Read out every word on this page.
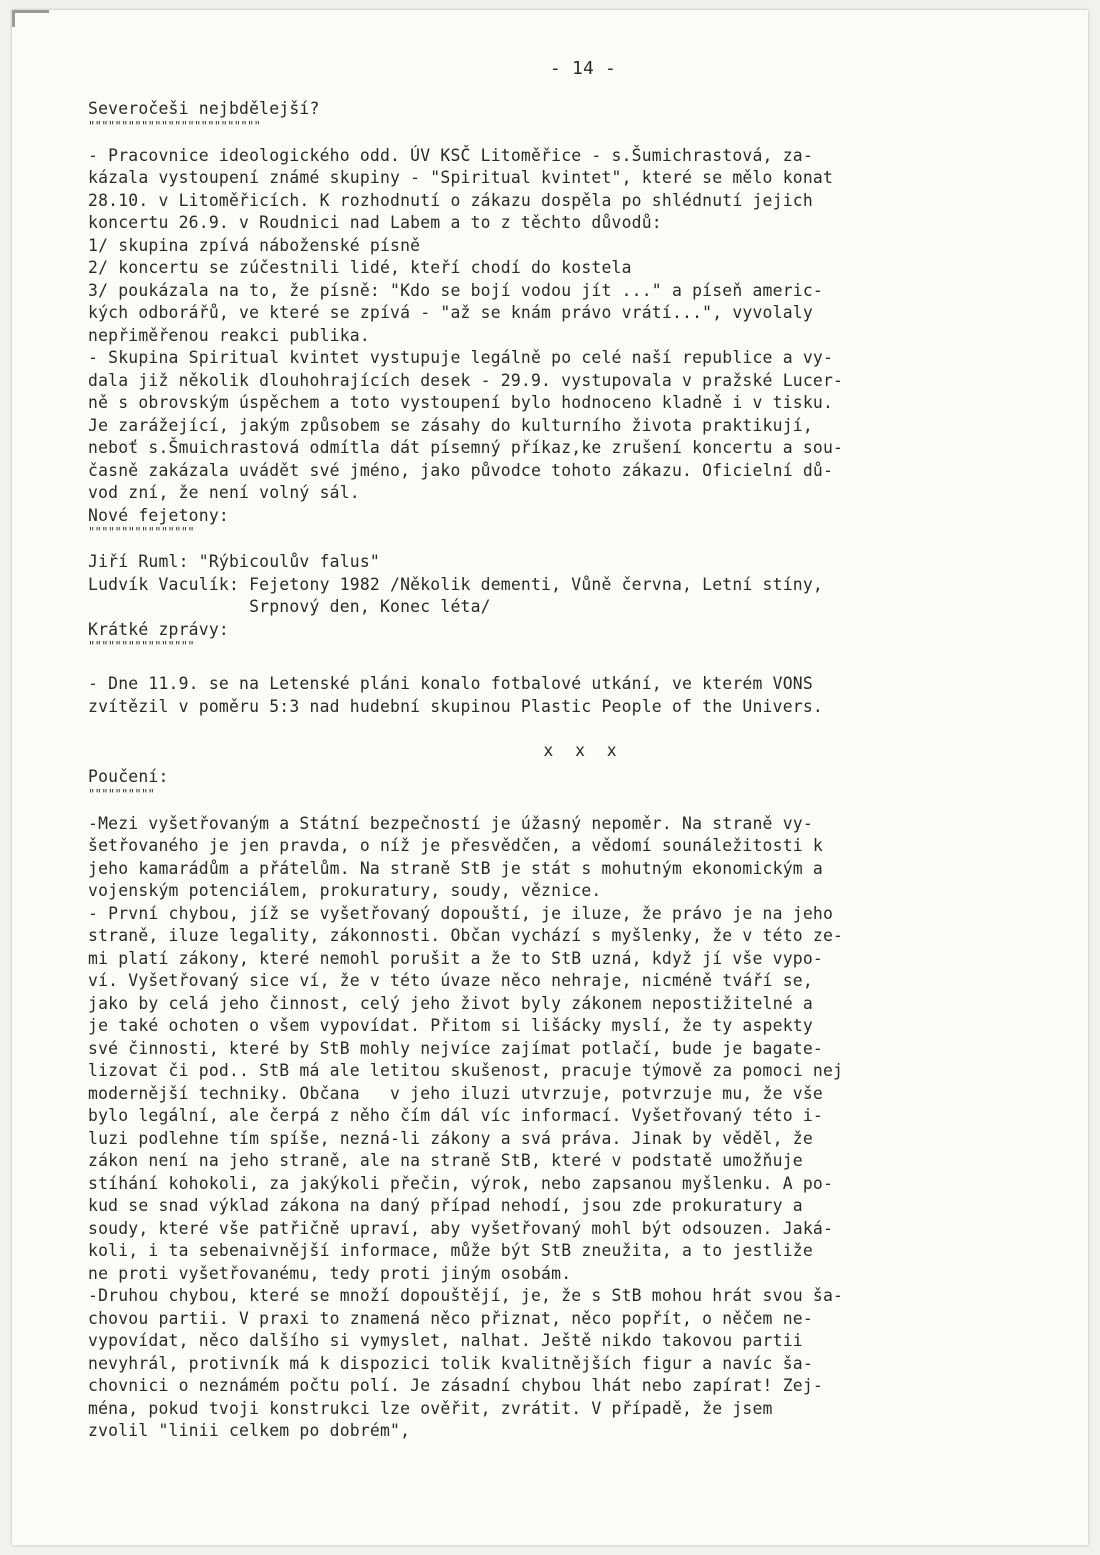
- 14 -
Severočeši nejbdělejší?
""""""""""""""""""""""""""
- Pracovnice ideologického odd. ÚV KSČ Litoměřice - s.Šumichrastová, za-
kázala vystoupení známé skupiny - "Spiritual kvintet", které se mělo konat
28.10. v Litoměřicích. K rozhodnutí o zákazu dospěla po shlédnutí jejich
koncertu 26.9. v Roudnici nad Labem a to z těchto důvodů:
1/ skupina zpívá náboženské písně
2/ koncertu se zúčestnili lidé, kteří chodí do kostela
3/ poukázala na to, že písně: "Kdo se bojí vodou jít ..." a píseň americ-
kých odborářů, ve které se zpívá - "až se knám právo vrátí...", vyvolaly
nepřiměřenou reakci publika.
- Skupina Spiritual kvintet vystupuje legálně po celé naší republice a vy-
dala již několik dlouhohrajících desek - 29.9. vystupovala v pražské Lucer-
ně s obrovským úspěchem a toto vystoupení bylo hodnoceno kladně i v tisku.
Je zarážející, jakým způsobem se zásahy do kulturního života praktikují,
neboť s.Šmuichrastová odmítla dát písemný příkaz,ke zrušení koncertu a sou-
časně zakázala uvádět své jméno, jako původce tohoto zákazu. Oficielní dů-
vod zní, že není volný sál.
Nové fejetony:
""""""""""""""""
Jiří Ruml: "Rýbicoulův falus"
Ludvík Vaculík: Fejetony 1982 /Několik dementi, Vůně června, Letní stíny,
Srpnový den, Konec léta/
Krátké zprávy:
""""""""""""""""
- Dne 11.9. se na Letenské pláni konalo fotbalové utkání, ve kterém VONS
zvítězil v poměru 5:3 nad hudební skupinou Plastic People of the Univers.
x x x
Poučení:
""""""""""
-Mezi vyšetřovaným a Státní bezpečností je úžasný nepoměr. Na straně vy-
šetřovaného je jen pravda, o níž je přesvědčen, a vědomí sounáležitosti k
jeho kamarádům a přátelům. Na straně StB je stát s mohutným ekonomickým a
vojenským potenciálem, prokuratury, soudy, věznice.
- První chybou, jíž se vyšetřovaný dopouští, je iluze, že právo je na jeho
straně, iluze legality, zákonnosti. Občan vychází s myšlenky, že v této ze-
mi platí zákony, které nemohl porušit a že to StB uzná, když jí vše vypo-
ví. Vyšetřovaný sice ví, že v této úvaze něco nehraje, nicméně tváří se,
jako by celá jeho činnost, celý jeho život byly zákonem nepostižitelné a
je také ochoten o všem vypovídat. Přitom si lišácky myslí, že ty aspekty
své činnosti, které by StB mohly nejvíce zajímat potlačí, bude je bagate-
lizovat či pod.. StB má ale letitou skušenost, pracuje týmově za pomoci nej
modernější techniky. Občana   v jeho iluzi utvrzuje, potvrzuje mu, že vše
bylo legální, ale čerpá z něho čím dál víc informací. Vyšetřovaný této i-
luzi podlehne tím spíše, nezná-li zákony a svá práva. Jinak by věděl, že
zákon není na jeho straně, ale na straně StB, které v podstatě umožňuje
stíhání kohokoli, za jakýkoli přečin, výrok, nebo zapsanou myšlenku. A po-
kud se snad výklad zákona na daný případ nehodí, jsou zde prokuratury a
soudy, které vše patřičně upraví, aby vyšetřovaný mohl být odsouzen. Jaká-
koli, i ta sebenaivnější informace, může být StB zneužita, a to jestliže
ne proti vyšetřovanému, tedy proti jiným osobám.
-Druhou chybou, které se množí dopouštějí, je, že s StB mohou hrát svou ša-
chovou partii. V praxi to znamená něco přiznat, něco popřít, o něčem ne-
vypovídat, něco dalšího si vymyslet, nalhat. Ještě nikdo takovou partii
nevyhrál, protivník má k dispozici tolik kvalitnějších figur a navíc ša-
chovnici o neznámém počtu polí. Je zásadní chybou lhát nebo zapírat! Zej-
ména, pokud tvoji konstrukci lze ověřit, zvrátit. V případě, že jsem
zvolil "linii celkem po dobrém",
